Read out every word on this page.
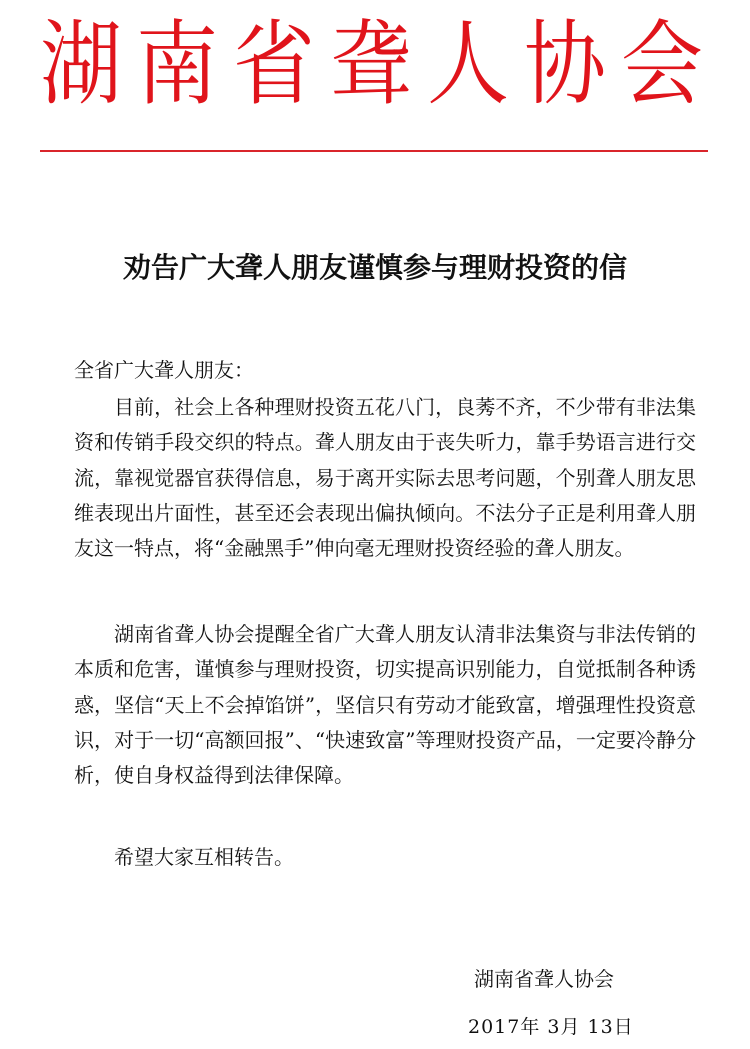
湖 南 省 聋 人 协 会
劝告广大聋人朋友谨慎参与理财投资的信

全省广大聋人朋友：

目前，社会上各种理财投资五花八门，良莠不齐，不少带有非法集资和传销手段交织的特点。聋人朋友由于丧失听力，靠手势语言进行交流，靠视觉器官获得信息，易于离开实际去思考问题，个别聋人朋友思维表现出片面性，甚至还会表现出偏执倾向。不法分子正是利用聋人朋友这一特点，将“金融黑手”伸向毫无理财投资经验的聋人朋友。

湖南省聋人协会提醒全省广大聋人朋友认清非法集资与非法传销的本质和危害，谨慎参与理财投资，切实提高识别能力，自觉抵制各种诱惑，坚信“天上不会掉馅饼”，坚信只有劳动才能致富，增强理性投资意识，对于一切“高额回报”、“快速致富”等理财投资产品，一定要冷静分析，使自身权益得到法律保障。

希望大家互相转告。

湖南省聋人协会

2017年 3月 13日
